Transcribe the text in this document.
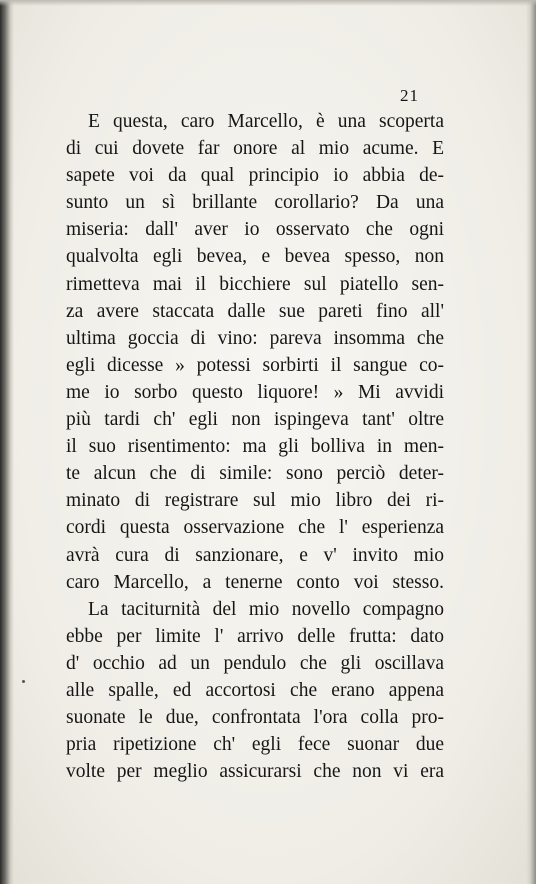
21
E questa, caro Marcello, è una scoperta
di cui dovete far onore al mio acume. E
sapete voi da qual principio io abbia de-
sunto un sì brillante corollario? Da una
miseria: dall' aver io osservato che ogni
qualvolta egli bevea, e bevea spesso, non
rimetteva mai il bicchiere sul piatello sen-
za avere staccata dalle sue pareti fino all'
ultima goccia di vino: pareva insomma che
egli dicesse » potessi sorbirti il sangue co-
me io sorbo questo liquore! » Mi avvidi
più tardi ch' egli non ispingeva tant' oltre
il suo risentimento: ma gli bolliva in men-
te alcun che di simile: sono perciò deter-
minato di registrare sul mio libro dei ri-
cordi questa osservazione che l' esperienza
avrà cura di sanzionare, e v' invito mio
caro Marcello, a tenerne conto voi stesso.
La taciturnità del mio novello compagno
ebbe per limite l' arrivo delle frutta: dato
d' occhio ad un pendulo che gli oscillava
alle spalle, ed accortosi che erano appena
suonate le due, confrontata l'ora colla pro-
pria ripetizione ch' egli fece suonar due
volte per meglio assicurarsi che non vi era
